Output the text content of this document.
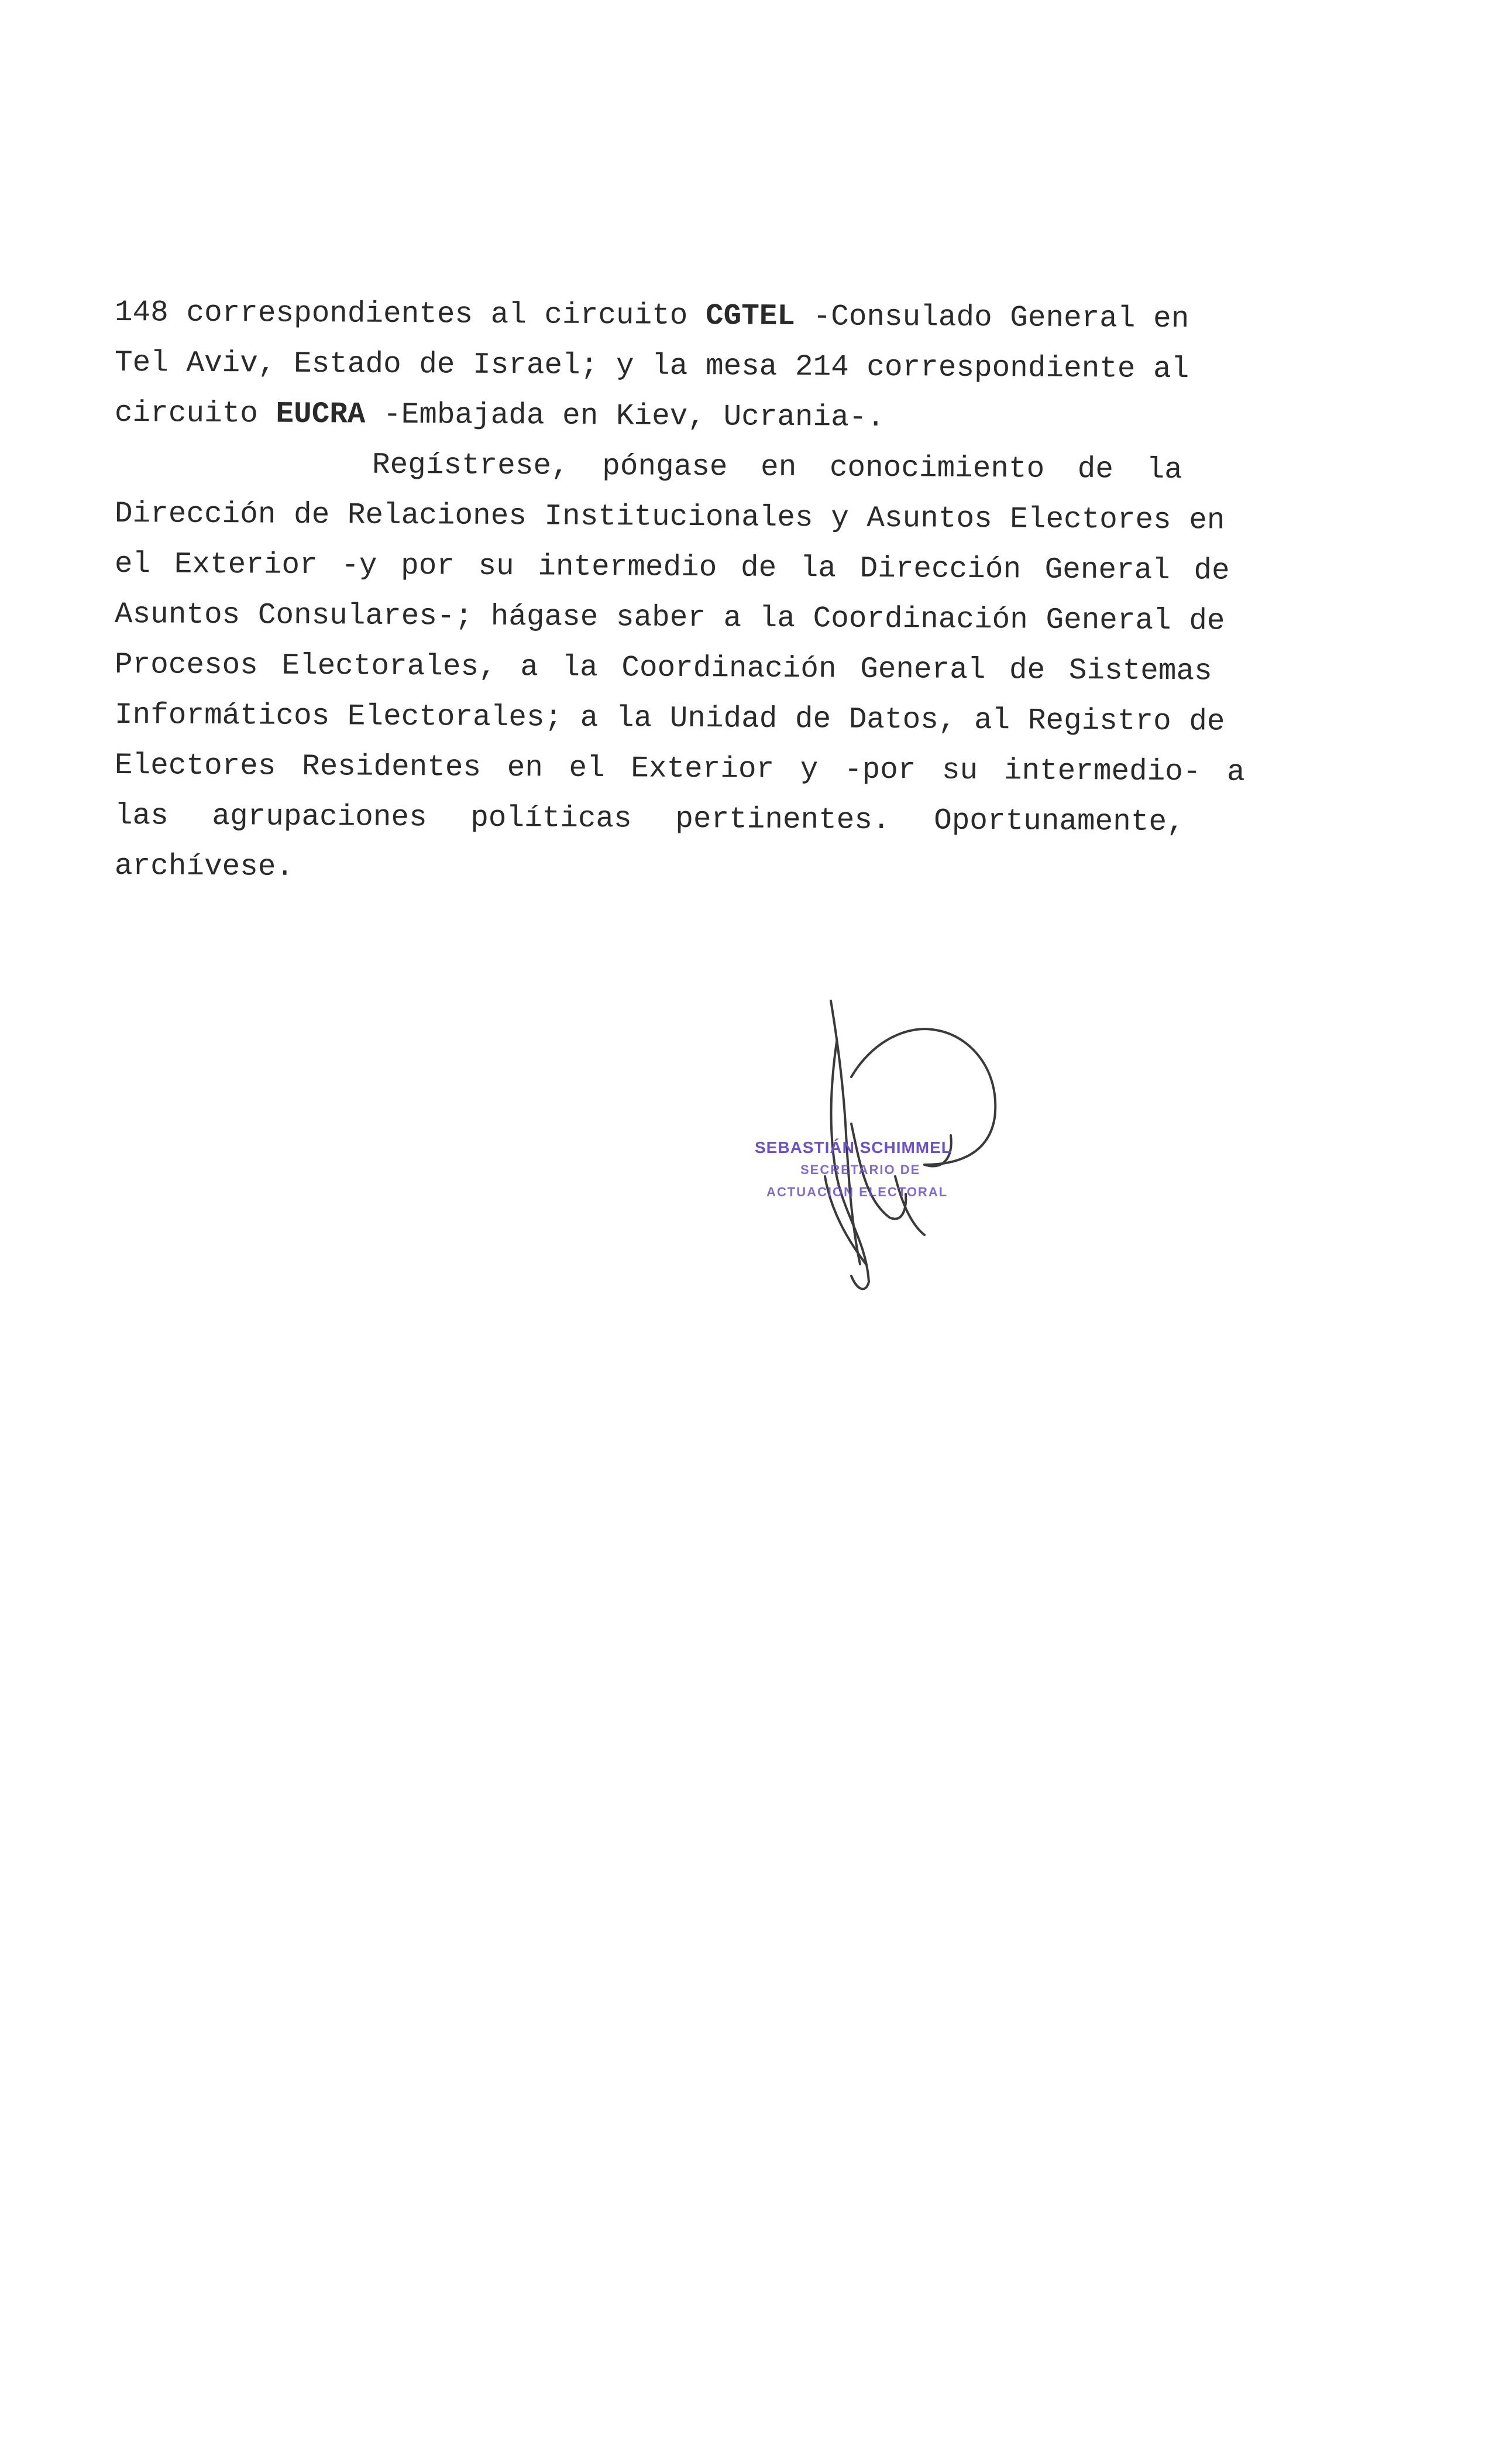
148 correspondientes al circuito CGTEL -Consulado General en
Tel Aviv, Estado de Israel; y la mesa 214 correspondiente al
circuito EUCRA -Embajada en Kiev, Ucrania-.
Regístrese, póngase en conocimiento de la
Dirección de Relaciones Institucionales y Asuntos Electores en
el Exterior -y por su intermedio de la Dirección General de
Asuntos Consulares-; hágase saber a la Coordinación General de
Procesos Electorales, a la Coordinación General de Sistemas
Informáticos Electorales; a la Unidad de Datos, al Registro de
Electores Residentes en el Exterior y -por su intermedio- a
las agrupaciones políticas pertinentes. Oportunamente,
archívese.
SEBASTIÁN SCHIMMEL
SECRETARIO DE
ACTUACIÓN ELECTORAL
